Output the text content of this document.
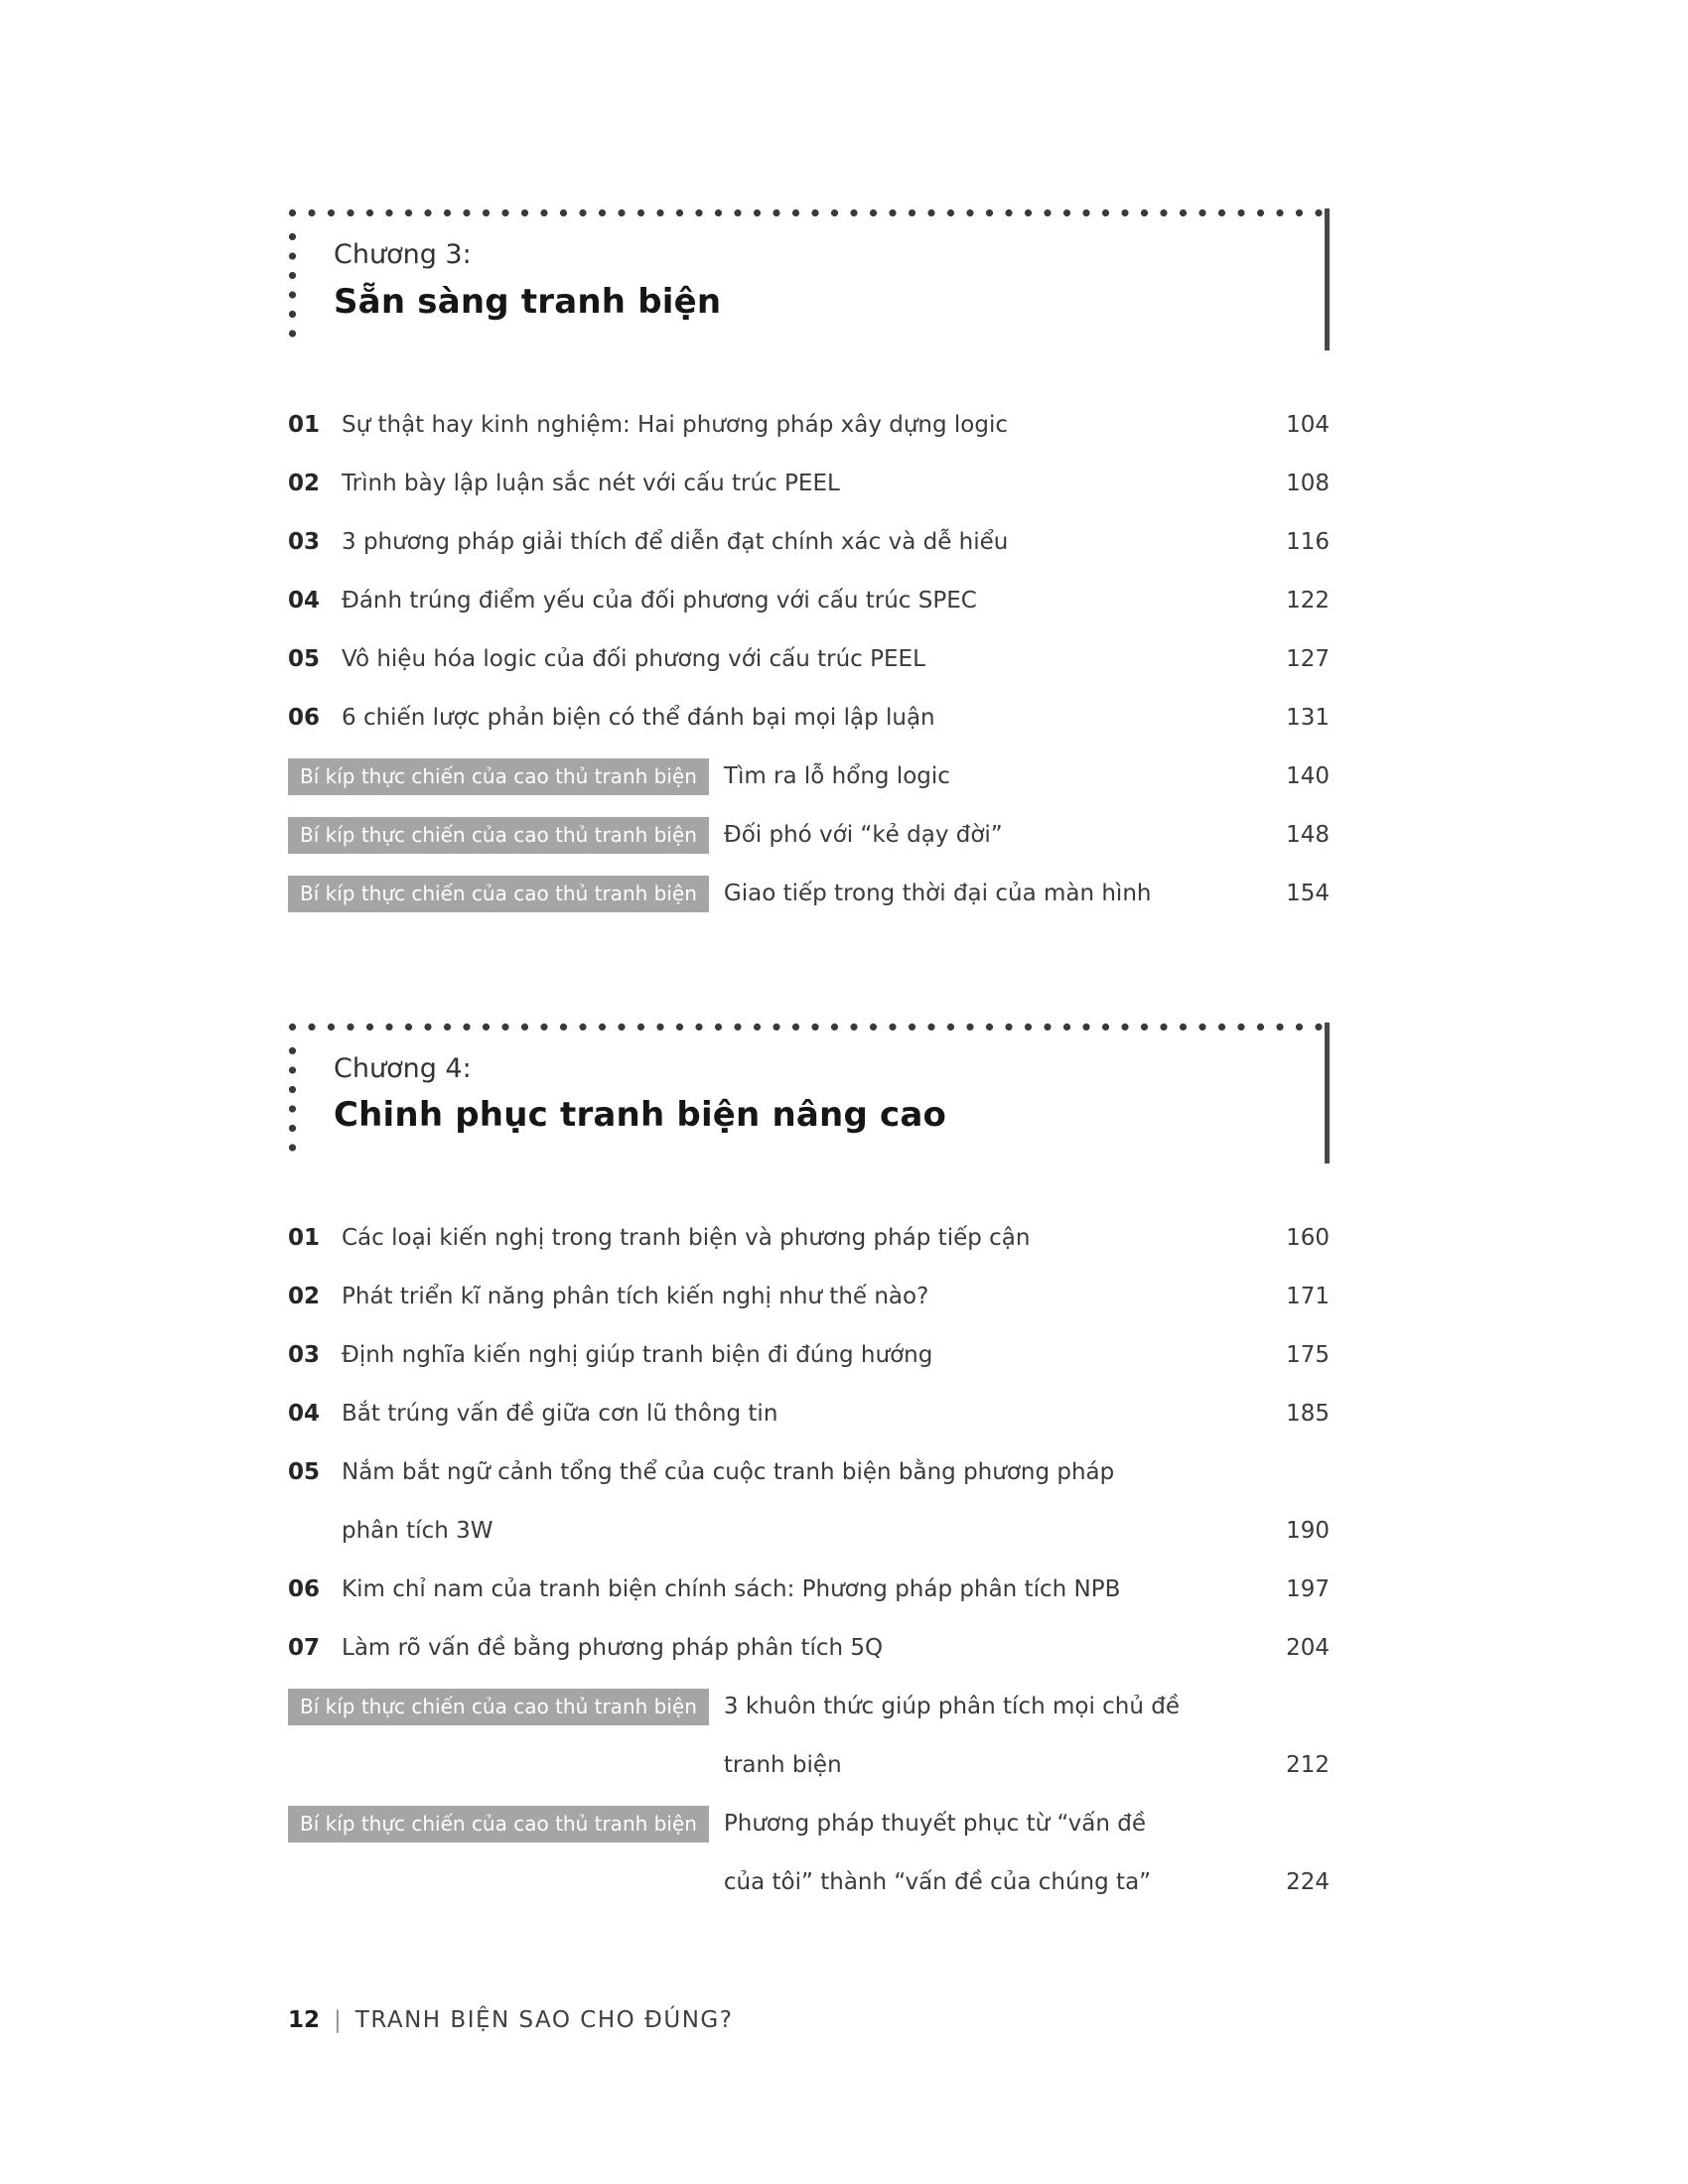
Chương 3:
Sẵn sàng tranh biện
01 Sự thật hay kinh nghiệm: Hai phương pháp xây dựng logic	104
02 Trình bày lập luận sắc nét với cấu trúc PEEL	108
03 3 phương pháp giải thích để diễn đạt chính xác và dễ hiểu	116
04 Đánh trúng điểm yếu của đối phương với cấu trúc SPEC	122
05 Vô hiệu hóa logic của đối phương với cấu trúc PEEL	127
06 6 chiến lược phản biện có thể đánh bại mọi lập luận	131
Bí kíp thực chiến của cao thủ tranh biện	Tìm ra lỗ hổng logic	140
Bí kíp thực chiến của cao thủ tranh biện	Đối phó với “kẻ dạy đời”	148
Bí kíp thực chiến của cao thủ tranh biện	Giao tiếp trong thời đại của màn hình	154
Chương 4:
Chinh phục tranh biện nâng cao
01 Các loại kiến nghị trong tranh biện và phương pháp tiếp cận	160
02 Phát triển kĩ năng phân tích kiến nghị như thế nào?	171
03 Định nghĩa kiến nghị giúp tranh biện đi đúng hướng	175
04 Bắt trúng vấn đề giữa cơn lũ thông tin	185
05 Nắm bắt ngữ cảnh tổng thể của cuộc tranh biện bằng phương pháp
phân tích 3W	190
06 Kim chỉ nam của tranh biện chính sách: Phương pháp phân tích NPB	197
07 Làm rõ vấn đề bằng phương pháp phân tích 5Q	204
Bí kíp thực chiến của cao thủ tranh biện	3 khuôn thức giúp phân tích mọi chủ đề
tranh biện	212
Bí kíp thực chiến của cao thủ tranh biện	Phương pháp thuyết phục từ “vấn đề
của tôi” thành “vấn đề của chúng ta”	224
12 | TRANH BIỆN SAO CHO ĐÚNG?
